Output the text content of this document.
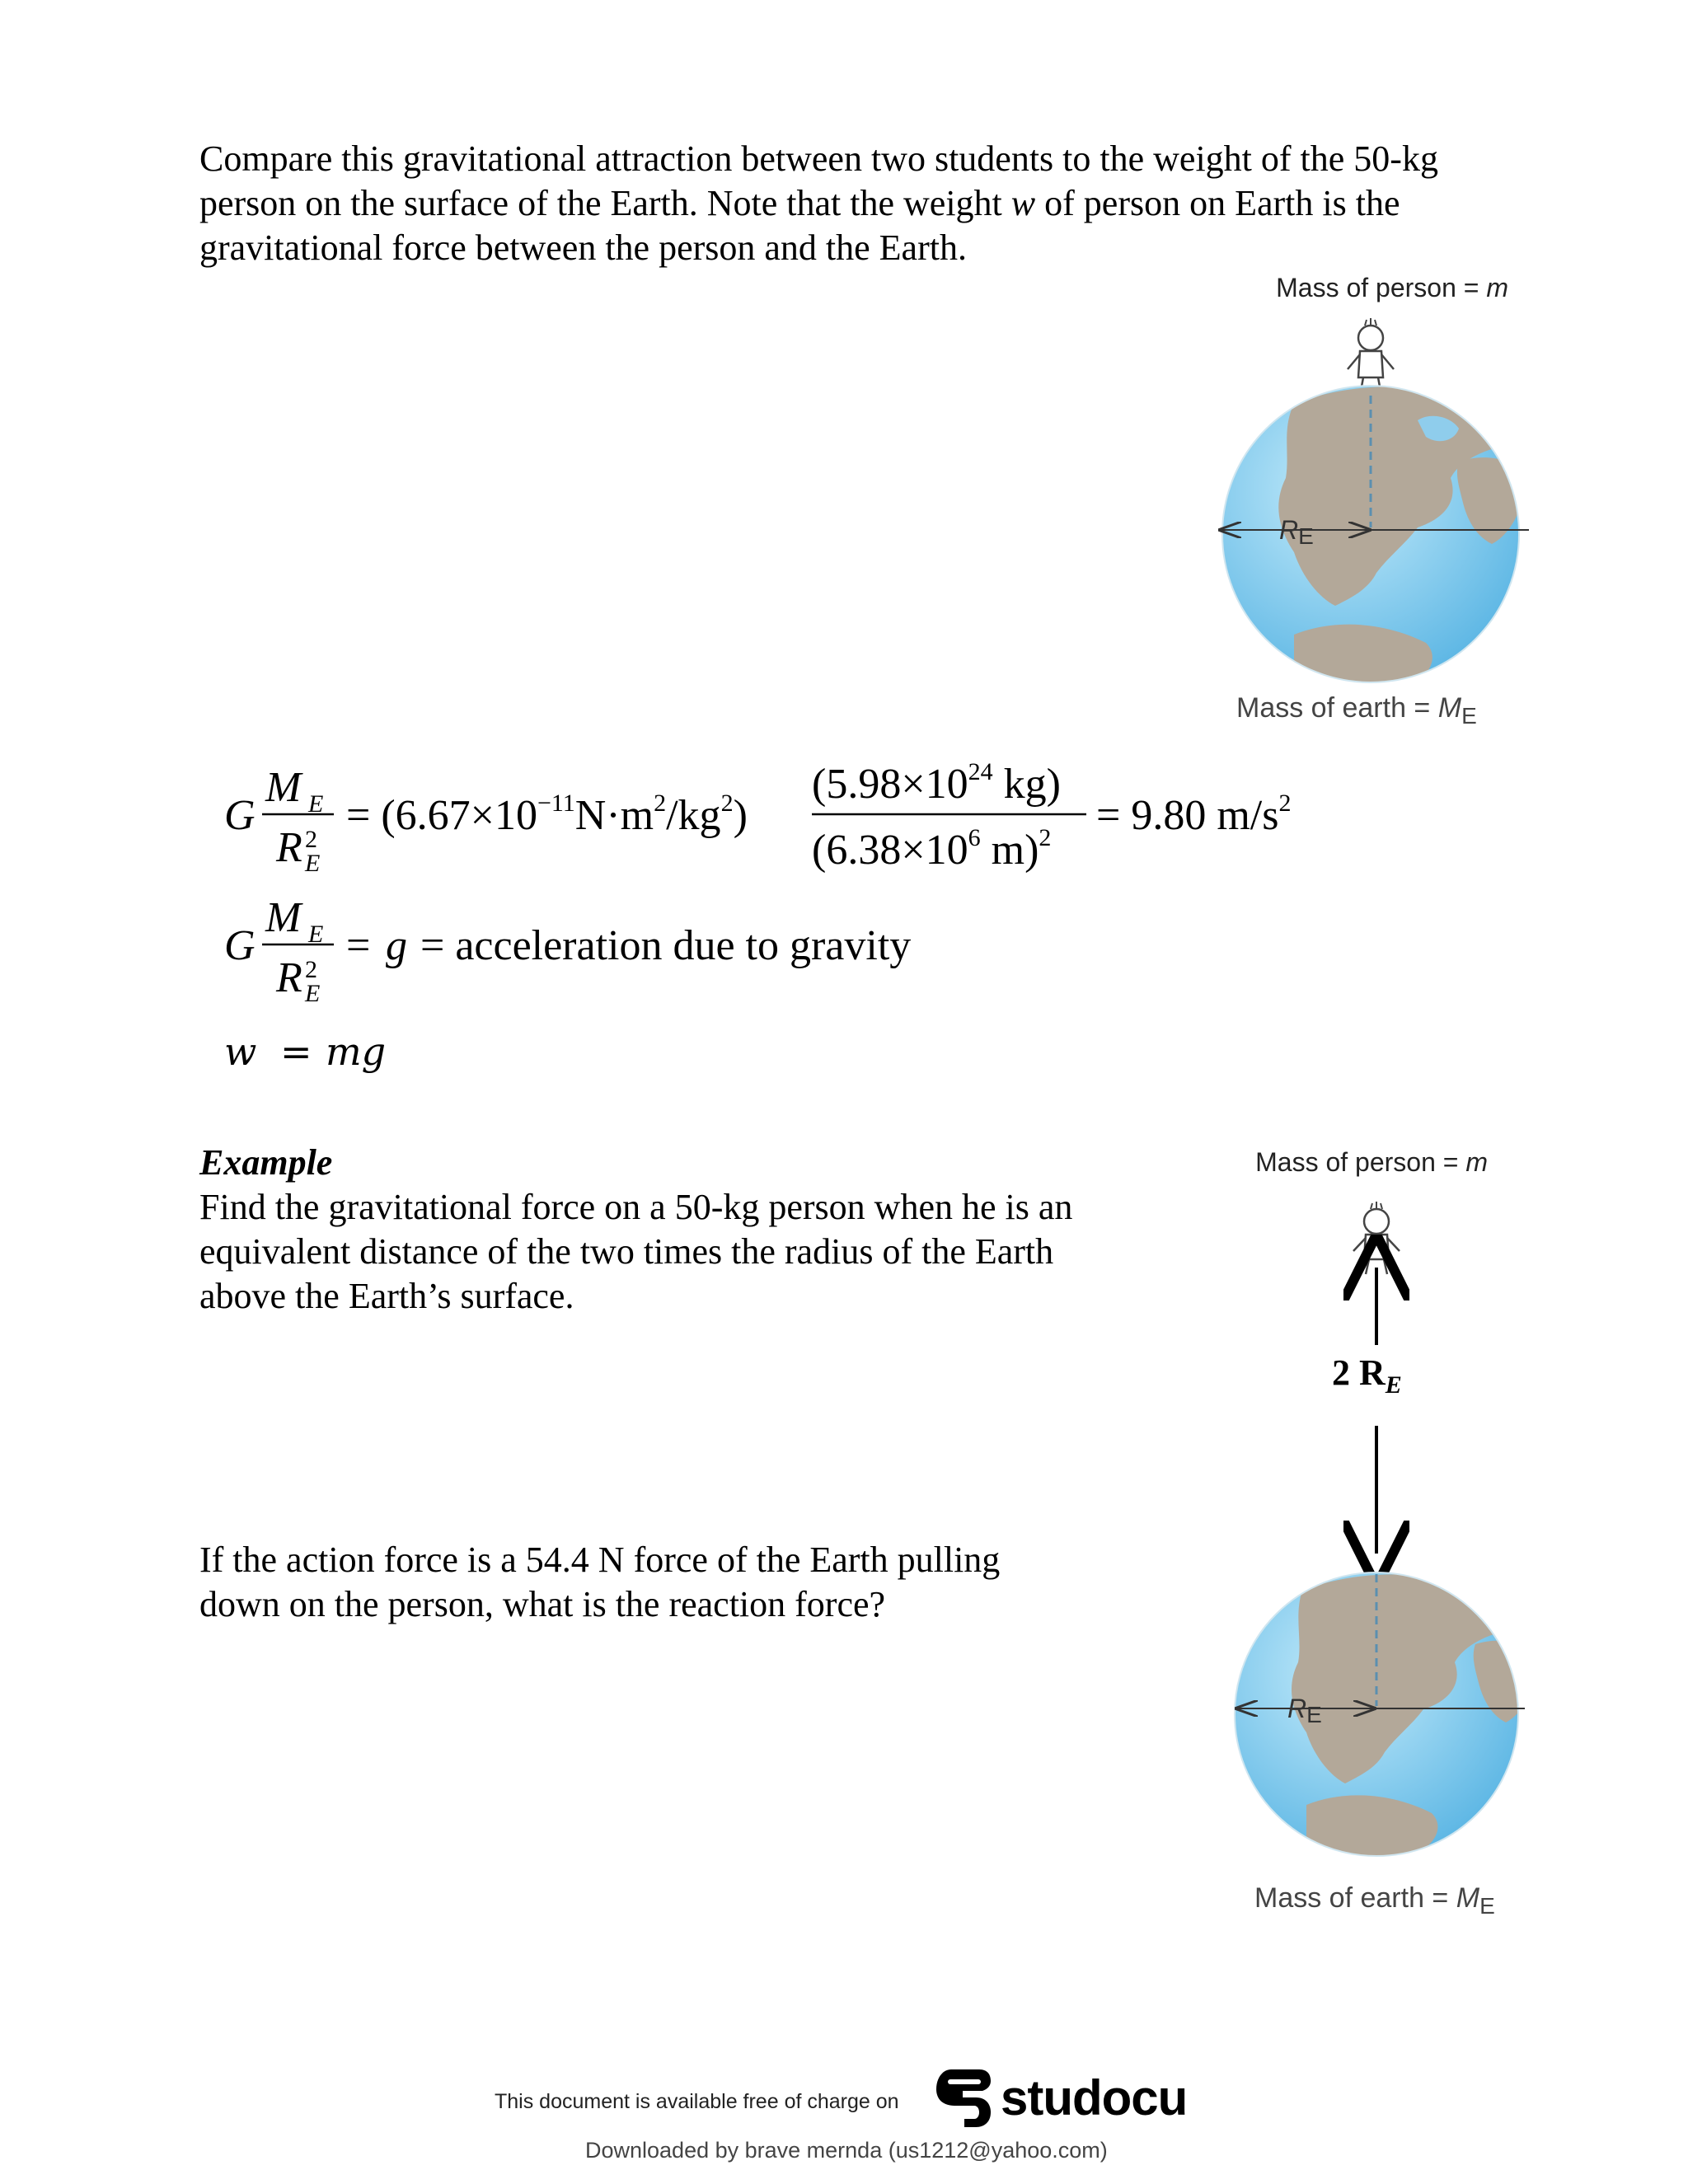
Compare this gravitational attraction between two students to the weight of the 50-kg
person on the surface of the Earth. Note that the weight w of person on Earth is the
gravitational force between the person and the Earth.
Mass of person = m
RE
Mass of earth = $M_E$
G
M E
R 2
E
= $(6.67\times 10^{-11}N\cdot m^2/kg^2)$
($5.98\times 10^{24}$ kg)
($6.38\times 10^6$ m)$^2$ = 9.80 $m/s^2$
G
M E
R 2
E
= g = acceleration due to gravity
w = mg
Example
Find the gravitational force on a 50-kg person when he is an
equivalent distance of the two times the radius of the Earth
above the Earth’s surface.
If the action force is a 54.4 N force of the Earth pulling
down on the person, what is the reaction force?
Mass of person = m
2 $R_E$
RE
Mass of earth = $M_E$
This document is available free of charge on studocu
Downloaded by brave mernda (us1212@yahoo.com)
